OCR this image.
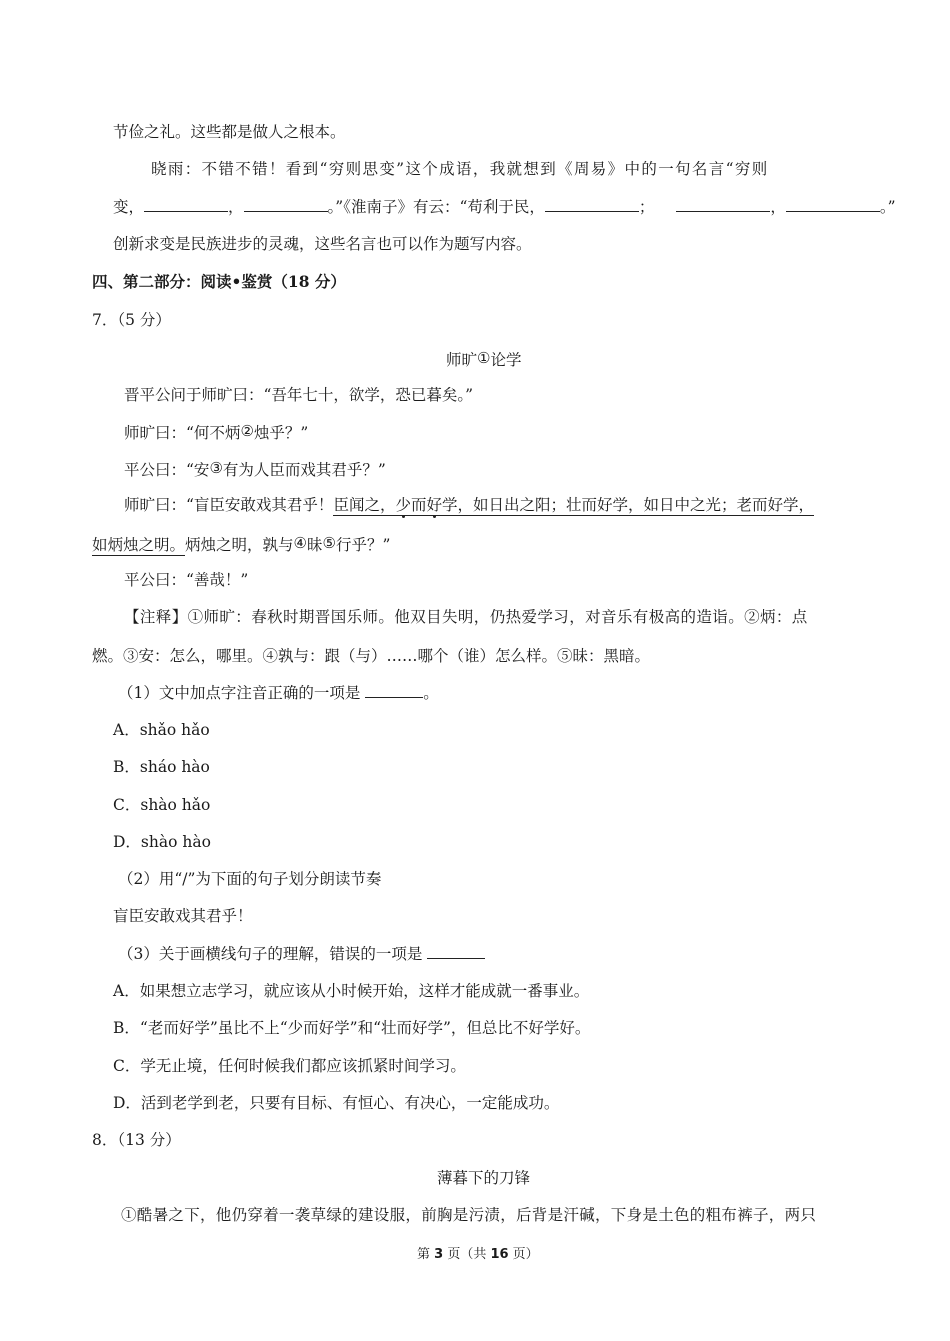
节俭之礼。这些都是做人之根本。
晓雨：不错不错！看到“穷则思变”这个成语，我就想到《周易》中的一句名言“穷则
变，	，	。”《淮南子》有云：“苟利于民，	；	，	。”
创新求变是民族进步的灵魂，这些名言也可以作为题写内容。
四、第二部分：阅读•鉴赏（18 分）
7．（5 分）
师旷①论学
晋平公问于师旷曰：“吾年七十，欲学，恐已暮矣。”
师旷曰：“何不炳②烛乎？”
平公曰：“安③有为人臣而戏其君乎？”
师旷曰：“盲臣安敢戏其君乎！臣闻之，少而好学，如日出之阳；壮而好学，如日中之光；老而好学，
如炳烛之明。炳烛之明，孰与④昧⑤行乎？”
平公曰：“善哉！”
【注释】①师旷：春秋时期晋国乐师。他双目失明，仍热爱学习，对音乐有极高的造诣。②炳：点
燃。③安：怎么，哪里。④孰与：跟（与）……哪个（谁）怎么样。⑤昧：黑暗。
（1）文中加点字注音正确的一项是	。
A．shǎo hǎo
B．sháo hào
C．shào hǎo
D．shào hào
（2）用“/”为下面的句子划分朗读节奏
盲臣安敢戏其君乎！
（3）关于画横线句子的理解，错误的一项是
A．如果想立志学习，就应该从小时候开始，这样才能成就一番事业。
B．“老而好学”虽比不上“少而好学”和“壮而好学”，但总比不好学好。
C．学无止境，任何时候我们都应该抓紧时间学习。
D．活到老学到老，只要有目标、有恒心、有决心，一定能成功。
8．（13 分）
薄暮下的刀锋
①酷暑之下，他仍穿着一袭草绿的建设服，前胸是污渍，后背是汗碱，下身是土色的粗布裤子，两只
第 3 页（共 16 页）
